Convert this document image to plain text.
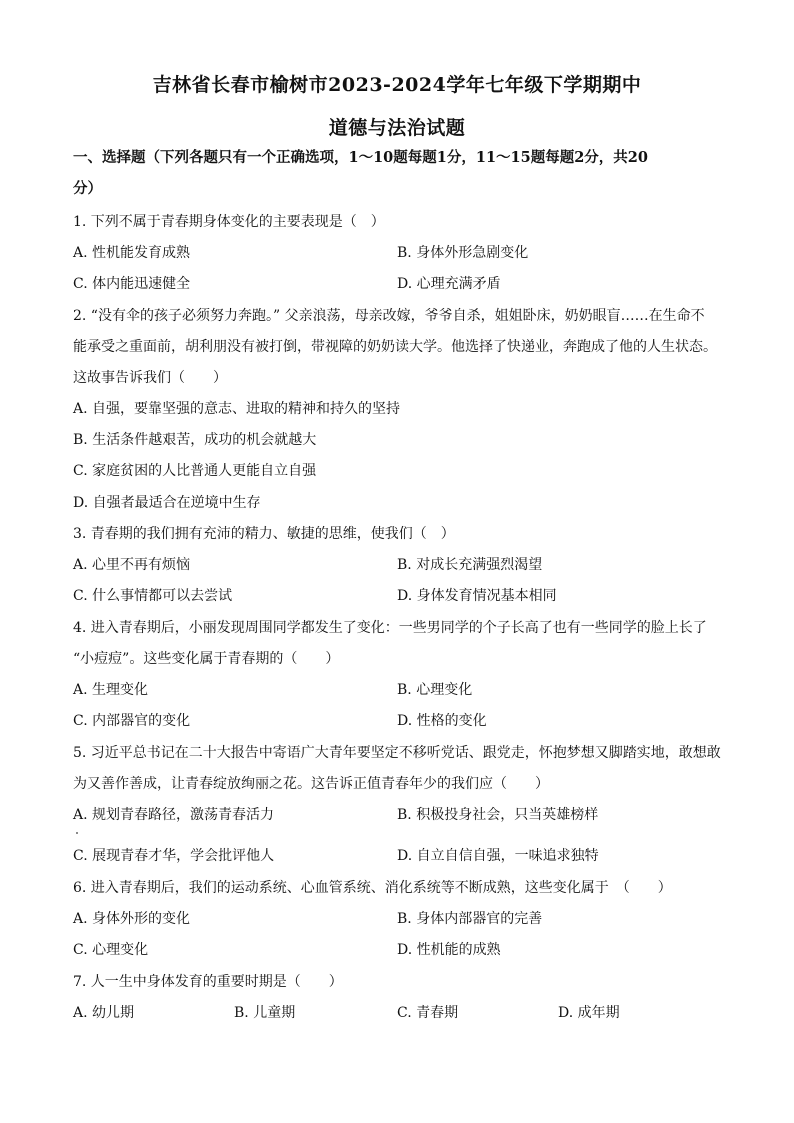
吉林省长春市榆树市2023-2024学年七年级下学期期中
道德与法治试题
一、选择题（下列各题只有一个正确选项，1～10题每题1分，11～15题每题2分，共20
分）
1. 下列不属于青春期身体变化的主要表现是（　）
A. 性机能发育成熟	B. 身体外形急剧变化
C. 体内能迅速健全	D. 心理充满矛盾
2. “没有伞的孩子必须努力奔跑。” 父亲浪荡，母亲改嫁，爷爷自杀，姐姐卧床，奶奶眼盲……在生命不
能承受之重面前，胡利朋没有被打倒，带视障的奶奶读大学。他选择了快递业，奔跑成了他的人生状态。
这故事告诉我们（　　）
A. 自强，要靠坚强的意志、进取的精神和持久的坚持
B. 生活条件越艰苦，成功的机会就越大
C. 家庭贫困的人比普通人更能自立自强
D. 自强者最适合在逆境中生存
3. 青春期的我们拥有充沛的精力、敏捷的思维，使我们（　）
A. 心里不再有烦恼	B. 对成长充满强烈渴望
C. 什么事情都可以去尝试	D. 身体发育情况基本相同
4. 进入青春期后，小丽发现周围同学都发生了变化：一些男同学的个子长高了也有一些同学的脸上长了
“小痘痘”。这些变化属于青春期的（　　）
A. 生理变化	B. 心理变化
C. 内部器官的变化	D. 性格的变化
5. 习近平总书记在二十大报告中寄语广大青年要坚定不移听党话、跟党走，怀抱梦想又脚踏实地，敢想敢
为又善作善成，让青春绽放绚丽之花。这告诉正值青春年少的我们应（　　）
A. 规划青春路径，激荡青春活力	B. 积极投身社会，只当英雄榜样
C. 展现青春才华，学会批评他人	D. 自立自信自强，一味追求独特
6. 进入青春期后，我们的运动系统、心血管系统、消化系统等不断成熟，这些变化属于　（　　）
A. 身体外形的变化	B. 身体内部器官的完善
C. 心理变化	D. 性机能的成熟
7. 人一生中身体发育的重要时期是（　　）
A. 幼儿期	B. 儿童期	C. 青春期	D. 成年期
